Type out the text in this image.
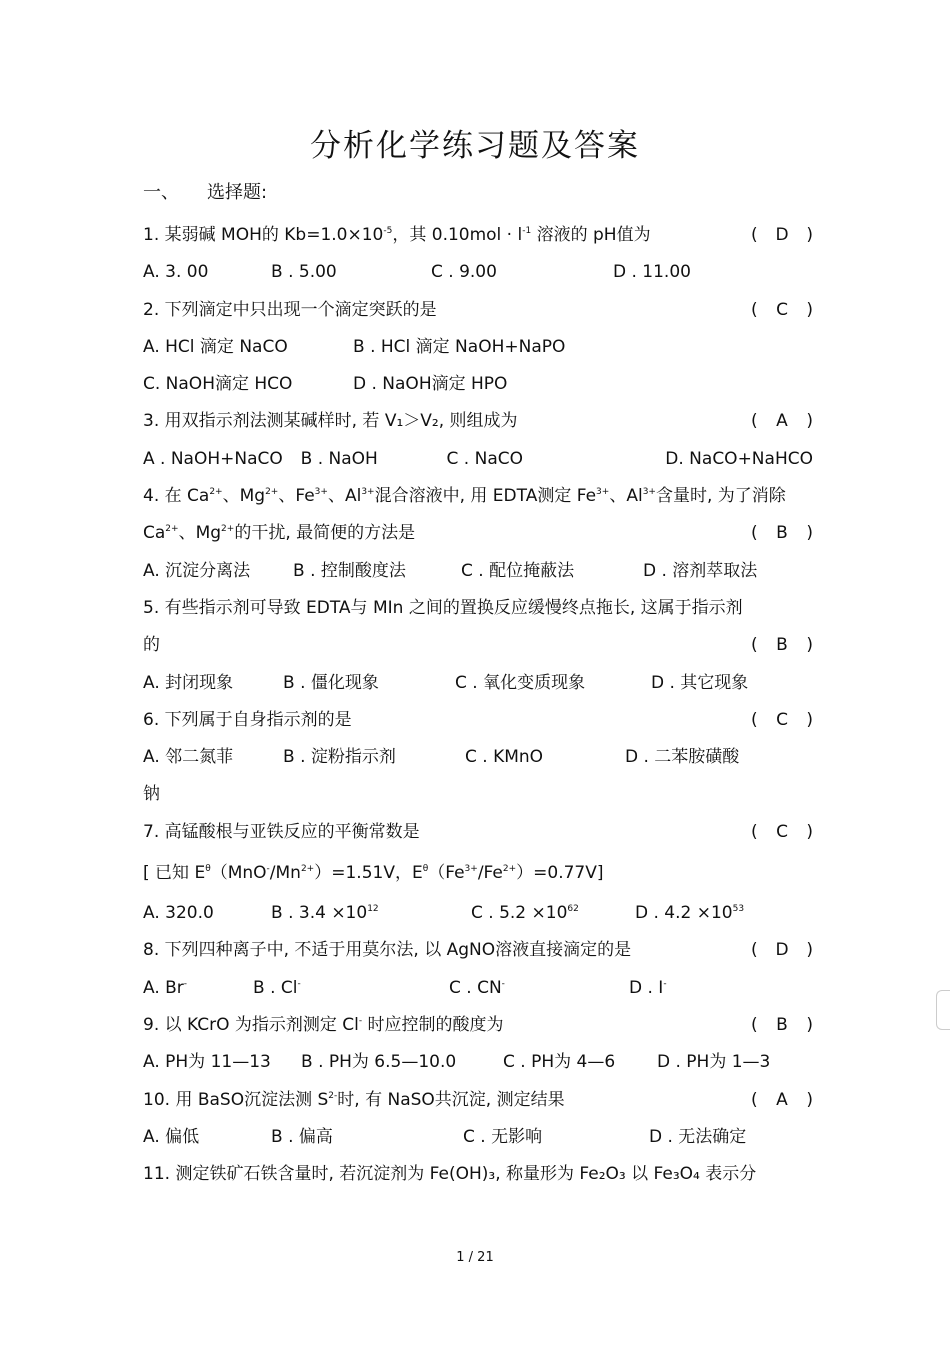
分析化学练习题及答案
一、 选择题:
1. 某弱碱 MOH的 $Kb=1.0\times 10^{-5}$，其 $0.10mol \cdot l^{-1}$ 溶液的 pH值为	( D )
A. 3. 00	B . 5.00	C . 9.00	D . 11.00
2. 下列滴定中只出现一个滴定突跃的是	( C )
A. HCl 滴定 NaCO	B . HCl 滴定 NaOH+NaPO
C. NaOH滴定 HCO	D . NaOH滴定 HPO
3. 用双指示剂法测某碱样时, 若 V₁＞V₂, 则组成为	( A )
A . NaOH+NaCO	B . NaOH	C . NaCO	D. NaCO+NaHCO
4. 在 $Ca^{2+}$、$Mg^{2+}$、$Fe^{3+}$、$Al^{3+}$混合溶液中, 用 EDTA测定 $Fe^{3+}$、$Al^{3+}$含量时, 为了消除
$Ca^{2+}$、$Mg^{2+}$的干扰, 最简便的方法是	( B )
A. 沉淀分离法	B . 控制酸度法	C . 配位掩蔽法	D . 溶剂萃取法
5. 有些指示剂可导致 EDTA与 MIn 之间的置换反应缓慢终点拖长, 这属于指示剂
的	( B )
A. 封闭现象	B . 僵化现象	C . 氧化变质现象	D . 其它现象
6. 下列属于自身指示剂的是	( C )
A. 邻二氮菲	B . 淀粉指示剂	C . KMnO	D . 二苯胺磺酸
钠
7. 高锰酸根与亚铁反应的平衡常数是	( C )
[ 已知 $E^\theta(MnO^-/Mn^{2+})=1.51V$，$E^\theta(Fe^{3+}/Fe^{2+})=0.77V$]
A. 320.0	B . $3.4 \times 10^{12}$	C . $5.2 \times 10^{62}$	D . $4.2 \times 10^{53}$
8. 下列四种离子中, 不适于用莫尔法, 以 AgNO溶液直接滴定的是	( D )
A. Br-	B . Cl-	C . CN-	D . I-
9. 以 KCrO 为指示剂测定 Cl- 时应控制的酸度为	( B )
A. PH为 11—13	B . PH为 6.5—10.0	C . PH为 4—6	D . PH为 1—3
10. 用 BaSO沉淀法测 $S^{2-}$时, 有 NaSO共沉淀, 测定结果	( A )
A. 偏低	B . 偏高	C . 无影响	D . 无法确定
11. 测定铁矿石铁含量时, 若沉淀剂为 Fe(OH)₃, 称量形为 Fe₂O₃ 以 Fe₃O₄ 表示分
1 / 21
